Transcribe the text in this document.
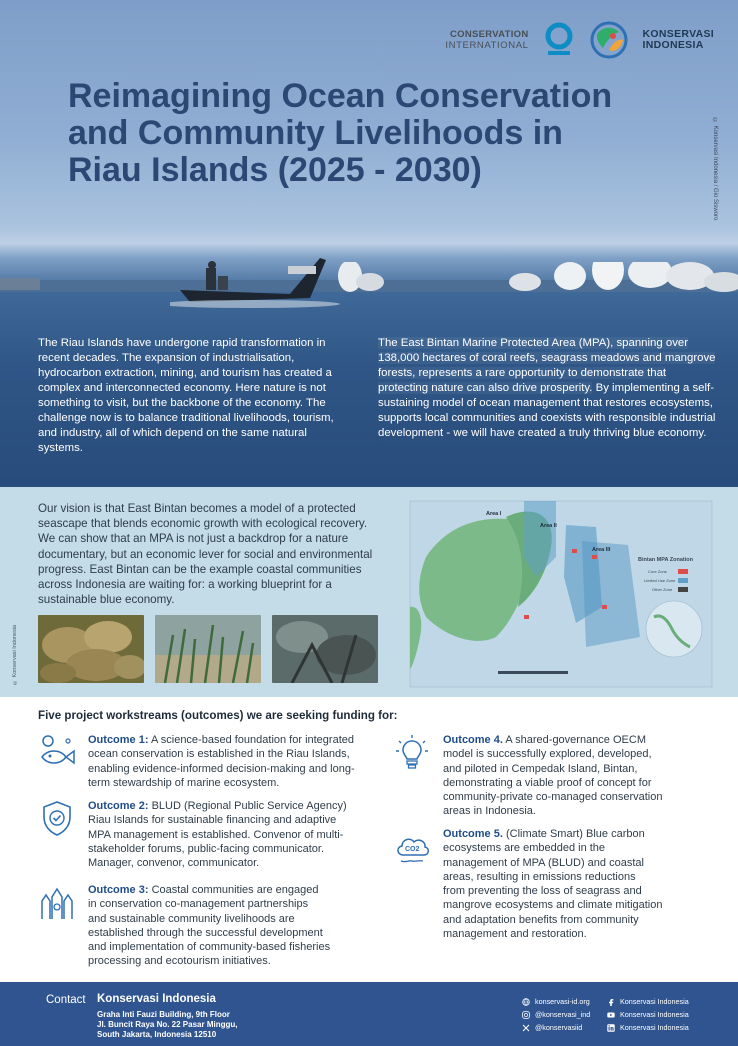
CONSERVATION
INTERNATIONAL
KONSERVASI
INDONESIA
Reimagining Ocean Conservation and Community Livelihoods in Riau Islands (2025 - 2030)	© Konservasi Indonesia / Gio Sisworo

The Riau Islands have undergone rapid transformation in recent decades. The expansion of industrialisation, hydrocarbon extraction, mining, and tourism has created a complex and interconnected economy. Here nature is not something to visit, but the backbone of the economy. The challenge now is to balance traditional livelihoods, tourism, and industry, all of which depend on the same natural systems.

The East Bintan Marine Protected Area (MPA), spanning over 138,000 hectares of coral reefs, seagrass meadows and mangrove forests, represents a rare opportunity to demonstrate that protecting nature can also drive prosperity. By implementing a self-sustaining model of ocean management that restores ecosystems, supports local communities and coexists with responsible industrial development - we will have created a truly thriving blue economy.

Our vision is that East Bintan becomes a model of a protected seascape that blends economic growth with ecological recovery. We can show that an MPA is not just a backdrop for a nature documentary, but an economic lever for social and environmental progress. East Bintan can be the example coastal communities across Indonesia are waiting for: a working blueprint for a sustainable blue economy.

© Konservasi Indonesia
Area I
Area II
Area III
Bintan MPA Zonation
Core Zone
Limited Use Zone
Other Zone
Five project workstreams (outcomes) we are seeking funding for:
Outcome 1: A science-based foundation for integrated
ocean conservation is established in the Riau Islands,
enabling evidence-informed decision-making and long-
term stewardship of marine ecosystem.
Outcome 2: BLUD (Regional Public Service Agency)
Riau Islands for sustainable financing and adaptive
MPA management is established. Convenor of multi-
stakeholder forums, public-facing communicator.
Manager, convenor, communicator.
Outcome 3: Coastal communities are engaged
in conservation co-management partnerships
and sustainable community livelihoods are
established through the successful development
and implementation of community-based fisheries
processing and ecotourism initiatives.
Outcome 4. A shared-governance OECM
model is successfully explored, developed,
and piloted in Cempedak Island, Bintan,
demonstrating a viable proof of concept for
community-private co-managed conservation
areas in Indonesia.
CO2
Outcome 5. (Climate Smart) Blue carbon
ecosystems are embedded in the
management of MPA (BLUD) and coastal
areas, resulting in emissions reductions
from preventing the loss of seagrass and
mangrove ecosystems and climate mitigation
and adaptation benefits from community
management and restoration.
Contact Konservasi Indonesia
Graha Inti Fauzi Building, 9th Floor
Jl. Buncit Raya No. 22 Pasar Minggu,
South Jakarta, Indonesia 12510
konservasi-id.org
@konservasi_ind
@konservasiid
Konservasi Indonesia
Konservasi Indonesia
Konservasi Indonesia
